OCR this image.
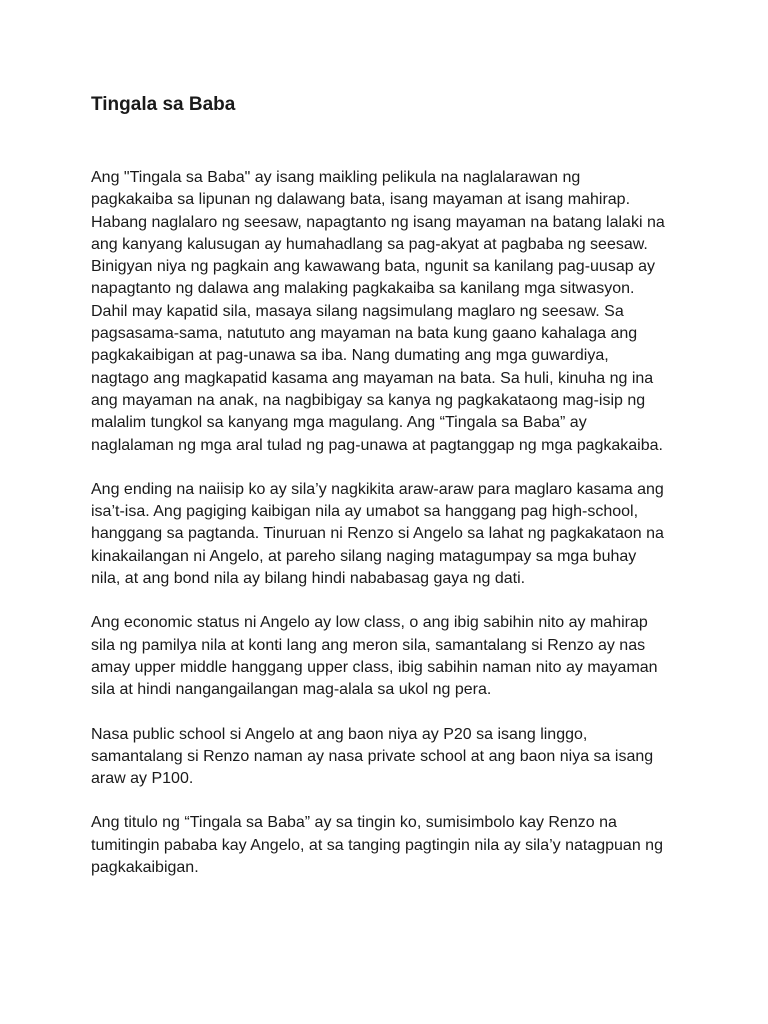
Tingala sa Baba

Ang "Tingala sa Baba" ay isang maikling pelikula na naglalarawan ng
pagkakaiba sa lipunan ng dalawang bata, isang mayaman at isang mahirap.
Habang naglalaro ng seesaw, napagtanto ng isang mayaman na batang lalaki na
ang kanyang kalusugan ay humahadlang sa pag-akyat at pagbaba ng seesaw.
Binigyan niya ng pagkain ang kawawang bata, ngunit sa kanilang pag-uusap ay
napagtanto ng dalawa ang malaking pagkakaiba sa kanilang mga sitwasyon.
Dahil may kapatid sila, masaya silang nagsimulang maglaro ng seesaw. Sa
pagsasama-sama, natututo ang mayaman na bata kung gaano kahalaga ang
pagkakaibigan at pag-unawa sa iba. Nang dumating ang mga guwardiya,
nagtago ang magkapatid kasama ang mayaman na bata. Sa huli, kinuha ng ina
ang mayaman na anak, na nagbibigay sa kanya ng pagkakataong mag-isip ng
malalim tungkol sa kanyang mga magulang. Ang “Tingala sa Baba” ay
naglalaman ng mga aral tulad ng pag-unawa at pagtanggap ng mga pagkakaiba.

Ang ending na naiisip ko ay sila’y nagkikita araw-araw para maglaro kasama ang
isa’t-isa. Ang pagiging kaibigan nila ay umabot sa hanggang pag high-school,
hanggang sa pagtanda. Tinuruan ni Renzo si Angelo sa lahat ng pagkakataon na
kinakailangan ni Angelo, at pareho silang naging matagumpay sa mga buhay
nila, at ang bond nila ay bilang hindi nababasag gaya ng dati.

Ang economic status ni Angelo ay low class, o ang ibig sabihin nito ay mahirap
sila ng pamilya nila at konti lang ang meron sila, samantalang si Renzo ay nas
amay upper middle hanggang upper class, ibig sabihin naman nito ay mayaman
sila at hindi nangangailangan mag-alala sa ukol ng pera.

Nasa public school si Angelo at ang baon niya ay P20 sa isang linggo,
samantalang si Renzo naman ay nasa private school at ang baon niya sa isang
araw ay P100.

Ang titulo ng “Tingala sa Baba” ay sa tingin ko, sumisimbolo kay Renzo na
tumitingin pababa kay Angelo, at sa tanging pagtingin nila ay sila’y natagpuan ng
pagkakaibigan.
